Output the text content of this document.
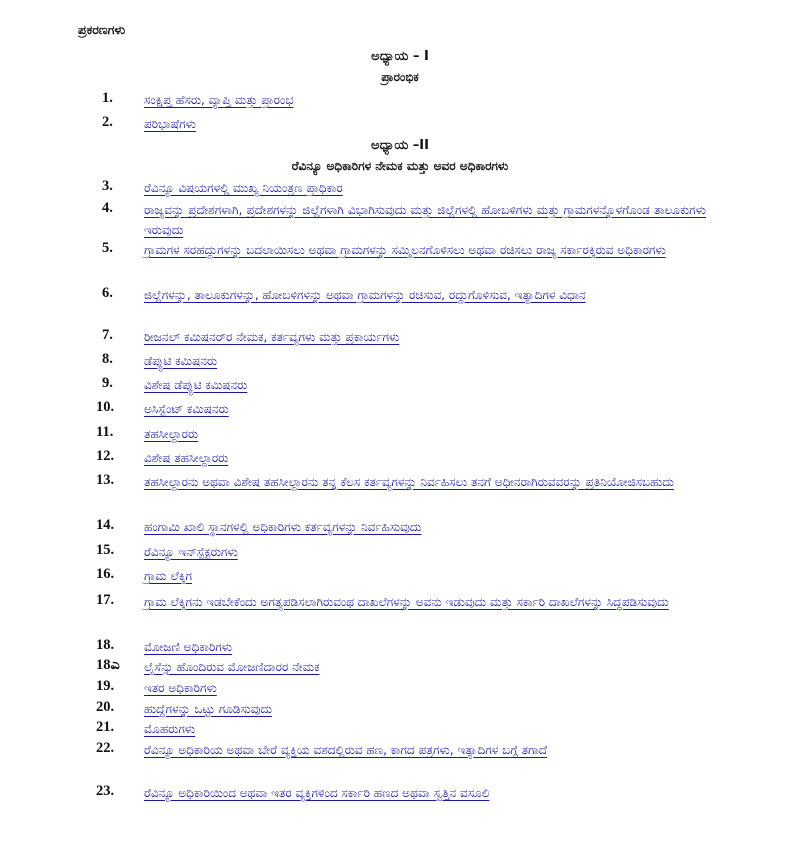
ಪ್ರಕರಣಗಳು
ಅಧ್ಯಾಯ – I
ಪ್ರಾರಂಭಿಕ
1.	ಸಂಕ್ಷಿಪ್ತ ಹೆಸರು, ವ್ಯಾಪ್ತಿ ಮತ್ತು ಪ್ರಾರಂಭ
2.	ಪರಿಭಾಷೆಗಳು
ಅಧ್ಯಾಯ –II
ರೆವಿನ್ಯೂ ಅಧಿಕಾರಿಗಳ ನೇಮಕ ಮತ್ತು ಅವರ ಅಧಿಕಾರಗಳು
3.	ರೆವಿನ್ಯೂ ವಿಷಯಗಳಲ್ಲಿ ಮುಖ್ಯ ನಿಯಂತ್ರಣ ಪ್ರಾಧಿಕಾರ
4.	ರಾಜ್ಯವನ್ನು ಪ್ರದೇಶಗಳಾಗಿ, ಪ್ರದೇಶಗಳನ್ನು ಜಿಲ್ಲೆಗಳಾಗಿ ವಿಭಾಗಿಸುವುದು ಮತ್ತು ಜಿಲ್ಲೆಗಳಲ್ಲಿ ಹೋಬಳಿಗಳು ಮತ್ತು ಗ್ರಾಮಗಳನ್ನೊಳಗೊಂಡ ತಾಲೂಕುಗಳು ಇರುವುದು
5.	ಗ್ರಾಮಗಳ ಸರಹದ್ದುಗಳನ್ನು ಬದಲಾಯಿಸಲು ಅಥವಾ ಗ್ರಾಮಗಳನ್ನು ಸಮ್ಮಿಲನಗೊಳಿಸಲು ಅಥವಾ ರಚಿಸಲು ರಾಜ್ಯ ಸರ್ಕಾರಕ್ಕಿರುವ ಅಧಿಕಾರಗಳು
6.	ಜಿಲ್ಲೆಗಳನ್ನು, ತಾಲೂಕುಗಳನ್ನು, ಹೋಬಳಿಗಳನ್ನು ಅಥವಾ ಗ್ರಾಮಗಳನ್ನು ರಚಿಸುವ, ರದ್ದುಗೊಳಿಸುವ, ಇತ್ಯಾದಿಗಳ ವಿಧಾನ
7.	ರೀಜನಲ್ ಕಮಿಷನರ್‌ರ ನೇಮಕ, ಕರ್ತವ್ಯಗಳು ಮತ್ತು ಪ್ರಕಾರ್ಯಗಳು
8.	ಡೆಪ್ಯುಟಿ ಕಮಿಷನರು
9.	ವಿಶೇಷ ಡೆಪ್ಯುಟಿ ಕಮಿಷನರು
10.	ಅಸಿಸ್ಟೆಂಟ್ ಕಮಿಷನರು
11.	ತಹಸೀಲ್ದಾರರು
12.	ವಿಶೇಷ ತಹಸೀಲ್ದಾರರು
13.	ತಹಸೀಲ್ದಾರನು ಅಥವಾ ವಿಶೇಷ ತಹಸೀಲ್ದಾರನು ತನ್ನ ಕೆಲಸ ಕರ್ತವ್ಯಗಳನ್ನು ನಿರ್ವಹಿಸಲು ತನಗೆ ಅಧೀನರಾಗಿರುವವರನ್ನು ಪ್ರತಿನಿಯೋಜಿಸಬಹುದು
14.	ಹಂಗಾಮಿ ಖಾಲಿ ಸ್ಥಾನಗಳಲ್ಲಿ ಅಧಿಕಾರಿಗಳು ಕರ್ತವ್ಯಗಳನ್ನು ನಿರ್ವಹಿಸುವುದು
15.	ರೆವಿನ್ಯೂ ಇನ್‌ಸ್ಪೆಕ್ಟರುಗಳು
16.	ಗ್ರಾಮ ಲೆಕ್ಕಿಗ
17.	ಗ್ರಾಮ ಲೆಕ್ಕಿಗನು ಇಡಬೇಕೆಂದು ಅಗತ್ಯಪಡಿಸಲಾಗಿರುವಂಥ ದಾಖಲೆಗಳನ್ನು ಅವನು ಇಡುವುದು ಮತ್ತು ಸರ್ಕಾರಿ ದಾಖಲೆಗಳನ್ನು ಸಿದ್ಧಪಡಿಸುವುದು
18.	ಮೋಜಣಿ ಅಧಿಕಾರಿಗಳು
18ಎ	ಲೈಸೆನ್ಸು ಹೊಂದಿರುವ ಮೋಜಣಿದಾರರ ನೇಮಕ
19.	ಇತರ ಅಧಿಕಾರಿಗಳು
20.	ಹುದ್ದೆಗಳನ್ನು ಒಟ್ಟು ಗೂಡಿಸುವುದು
21.	ಮೊಹರುಗಳು
22.	ರೆವಿನ್ಯೂ ಅಧಿಕಾರಿಯ ಅಥವಾ ಬೇರೆ ವ್ಯಕ್ತಿಯ ವಶದಲ್ಲಿರುವ ಹಣ, ಕಾಗದ ಪತ್ರಗಳು, ಇತ್ಯಾದಿಗಳ ಬಗ್ಗೆ ತಗಾದೆ
23.	ರೆವಿನ್ಯೂ ಅಧಿಕಾರಿಯಿಂದ ಅಥವಾ ಇತರ ವ್ಯಕ್ತಿಗಳಿಂದ ಸರ್ಕಾರಿ ಹಣದ ಅಥವಾ ಸ್ವತ್ತಿನ ವಸೂಲಿ
